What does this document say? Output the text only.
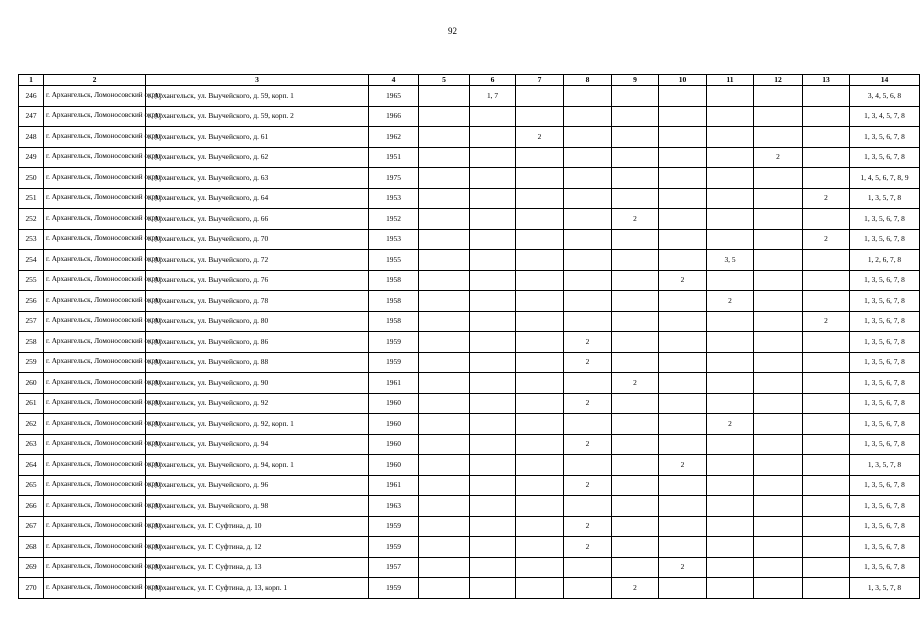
92
1	2	3	4	5	6	7	8	9	10	11	12	13	14
246	г. Архангельск, Ломоносовский округ	г. Архангельск, ул. Выучейского, д. 59, корп. 1	1965		1, 7								3, 4, 5, 6, 8
247	г. Архангельск, Ломоносовский округ	г. Архангельск, ул. Выучейского, д. 59, корп. 2	1966										1, 3, 4, 5, 7, 8
248	г. Архангельск, Ломоносовский округ	г. Архангельск, ул. Выучейского, д. 61	1962			2							1, 3, 5, 6, 7, 8
249	г. Архангельск, Ломоносовский округ	г. Архангельск, ул. Выучейского, д. 62	1951								2		1, 3, 5, 6, 7, 8
250	г. Архангельск, Ломоносовский округ	г. Архангельск, ул. Выучейского, д. 63	1975										1, 4, 5, 6, 7, 8, 9
251	г. Архангельск, Ломоносовский округ	г. Архангельск, ул. Выучейского, д. 64	1953									2	1, 3, 5, 7, 8
252	г. Архангельск, Ломоносовский округ	г. Архангельск, ул. Выучейского, д. 66	1952					2					1, 3, 5, 6, 7, 8
253	г. Архангельск, Ломоносовский округ	г. Архангельск, ул. Выучейского, д. 70	1953									2	1, 3, 5, 6, 7, 8
254	г. Архангельск, Ломоносовский округ	г. Архангельск, ул. Выучейского, д. 72	1955							3, 5			1, 2, 6, 7, 8
255	г. Архангельск, Ломоносовский округ	г. Архангельск, ул. Выучейского, д. 76	1958						2				1, 3, 5, 6, 7, 8
256	г. Архангельск, Ломоносовский округ	г. Архангельск, ул. Выучейского, д. 78	1958							2			1, 3, 5, 6, 7, 8
257	г. Архангельск, Ломоносовский округ	г. Архангельск, ул. Выучейского, д. 80	1958									2	1, 3, 5, 6, 7, 8
258	г. Архангельск, Ломоносовский округ	г. Архангельск, ул. Выучейского, д. 86	1959				2						1, 3, 5, 6, 7, 8
259	г. Архангельск, Ломоносовский округ	г. Архангельск, ул. Выучейского, д. 88	1959				2						1, 3, 5, 6, 7, 8
260	г. Архангельск, Ломоносовский округ	г. Архангельск, ул. Выучейского, д. 90	1961					2					1, 3, 5, 6, 7, 8
261	г. Архангельск, Ломоносовский округ	г. Архангельск, ул. Выучейского, д. 92	1960				2						1, 3, 5, 6, 7, 8
262	г. Архангельск, Ломоносовский округ	г. Архангельск, ул. Выучейского, д. 92, корп. 1	1960							2			1, 3, 5, 6, 7, 8
263	г. Архангельск, Ломоносовский округ	г. Архангельск, ул. Выучейского, д. 94	1960				2						1, 3, 5, 6, 7, 8
264	г. Архангельск, Ломоносовский округ	г. Архангельск, ул. Выучейского, д. 94, корп. 1	1960						2				1, 3, 5, 7, 8
265	г. Архангельск, Ломоносовский округ	г. Архангельск, ул. Выучейского, д. 96	1961				2						1, 3, 5, 6, 7, 8
266	г. Архангельск, Ломоносовский округ	г. Архангельск, ул. Выучейского, д. 98	1963										1, 3, 5, 6, 7, 8
267	г. Архангельск, Ломоносовский округ	г. Архангельск, ул. Г. Суфтина, д. 10	1959				2						1, 3, 5, 6, 7, 8
268	г. Архангельск, Ломоносовский округ	г. Архангельск, ул. Г. Суфтина, д. 12	1959				2						1, 3, 5, 6, 7, 8
269	г. Архангельск, Ломоносовский округ	г. Архангельск, ул. Г. Суфтина, д. 13	1957						2				1, 3, 5, 6, 7, 8
270	г. Архангельск, Ломоносовский округ	г. Архангельск, ул. Г. Суфтина, д. 13, корп. 1	1959					2					1, 3, 5, 7, 8
